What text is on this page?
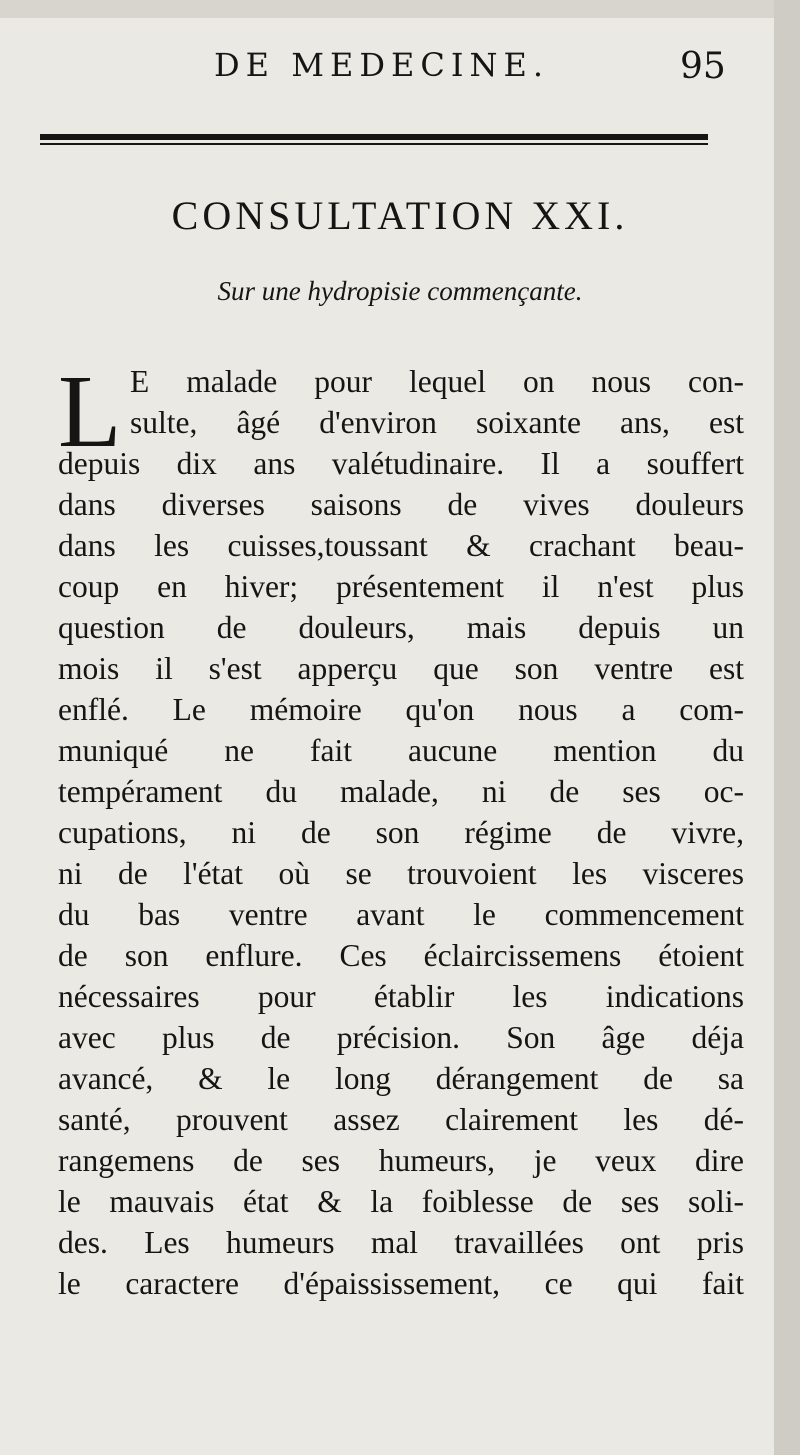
DE MEDECINE.	95
CONSULTATION XXI.
Sur une hydropisie commençante.
L E malade pour lequel on nous con-
sulte, âgé d'environ soixante ans, est
depuis dix ans valétudinaire. Il a souffert
dans diverses saisons de vives douleurs
dans les cuisses,toussant & crachant beau-
coup en hiver; présentement il n'est plus
question de douleurs, mais depuis un
mois il s'est apperçu que son ventre est
enflé. Le mémoire qu'on nous a com-
muniqué ne fait aucune mention du
tempérament du malade, ni de ses oc-
cupations, ni de son régime de vivre,
ni de l'état où se trouvoient les visceres
du bas ventre avant le commencement
de son enflure. Ces éclaircissemens étoient
nécessaires pour établir les indications
avec plus de précision. Son âge déja
avancé, & le long dérangement de sa
santé, prouvent assez clairement les dé-
rangemens de ses humeurs, je veux dire
le mauvais état & la foiblesse de ses soli-
des. Les humeurs mal travaillées ont pris
le caractere d'épaississement, ce qui fait
